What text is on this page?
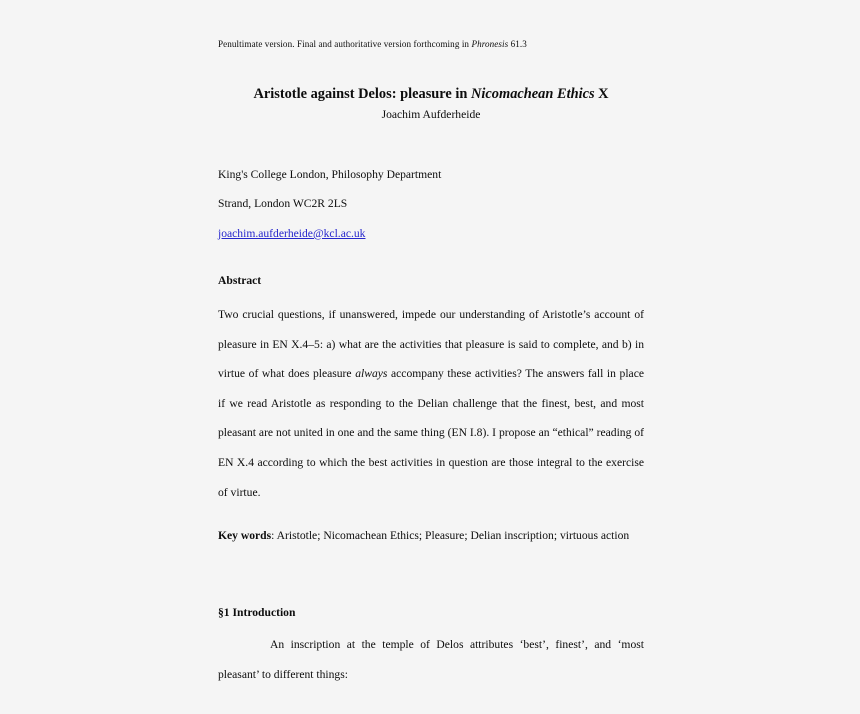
Penultimate version. Final and authoritative version forthcoming in Phronesis 61.3
Aristotle against Delos: pleasure in Nicomachean Ethics X
Joachim Aufderheide
King's College London, Philosophy Department
Strand, London WC2R 2LS
joachim.aufderheide@kcl.ac.uk
Abstract
Two crucial questions, if unanswered, impede our understanding of Aristotle’s account of pleasure in EN X.4–5: a) what are the activities that pleasure is said to complete, and b) in virtue of what does pleasure always accompany these activities? The answers fall in place if we read Aristotle as responding to the Delian challenge that the finest, best, and most pleasant are not united in one and the same thing (EN I.8). I propose an “ethical” reading of EN X.4 according to which the best activities in question are those integral to the exercise of virtue.
Key words: Aristotle; Nicomachean Ethics; Pleasure; Delian inscription; virtuous action
§1 Introduction
An inscription at the temple of Delos attributes ‘best’, finest’, and ‘most pleasant’ to different things:
